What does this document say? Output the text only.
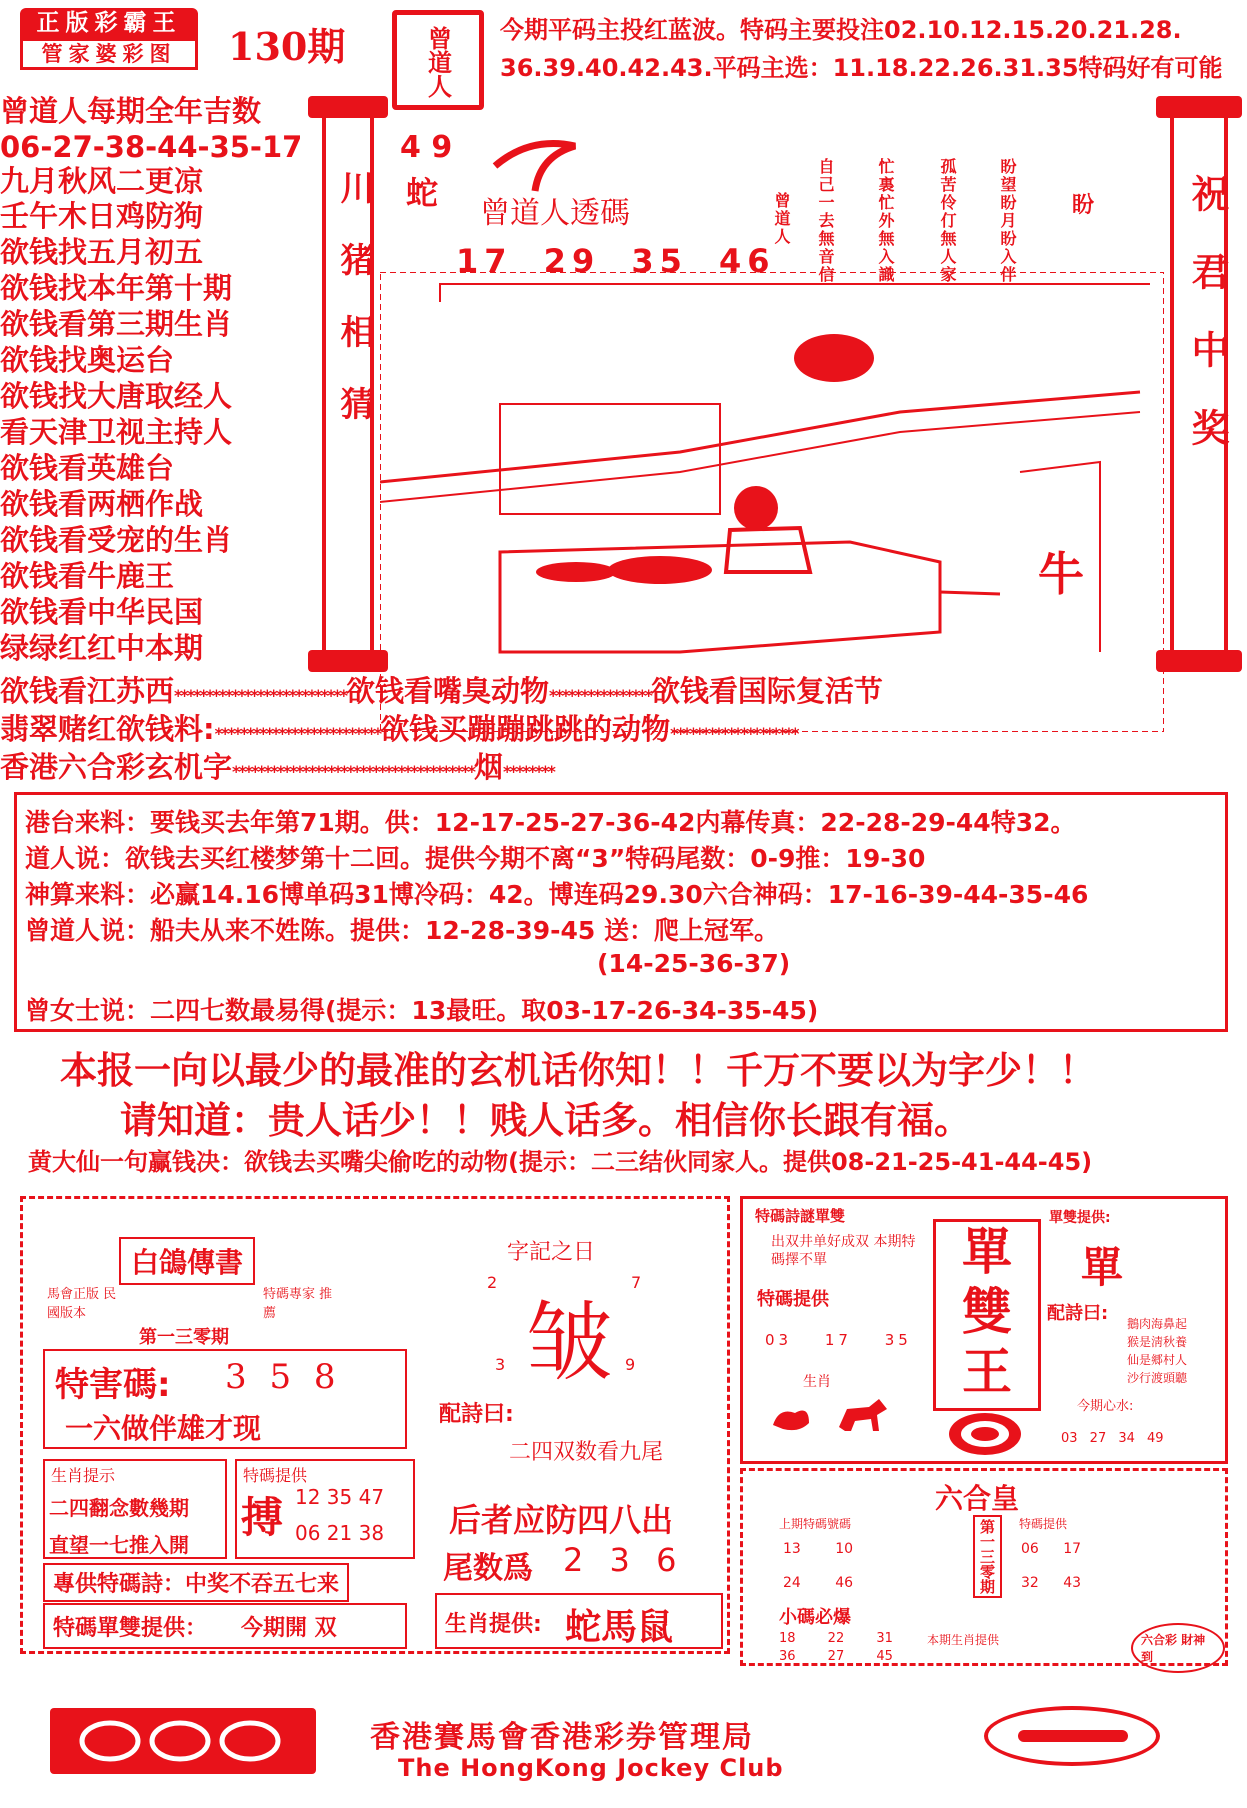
正版彩霸王
管家婆彩图	130期	曾道人 今期平码主投红蓝波。特码主要投注02.10.12.15.20.21.28.
36.39.40.42.43.平码主选：11.18.22.26.31.35特码好有可能
曾道人每期全年吉数
06-27-38-44-35-17
九月秋风二更凉
壬午木日鸡防狗
欲钱找五月初五
欲钱找本年第十期
欲钱看第三期生肖
欲钱找奥运台
欲钱找大唐取经人
看天津卫视主持人
欲钱看英雄台
欲钱看两栖作战
欲钱看受宠的生肖
欲钱看牛鹿王
欲钱看中华民国
绿绿红红中本期
川猪相猜	祝君中奖
4 9
蛇
曾道人透碼
17 29 35 46
曾道人 自己一去無音信	忙裏忙外無入識	孤苦伶仃無人家	盼望盼月盼入伴	盼
牛
欲钱看江苏西***************************欲钱看嘴臭动物****************欲钱看国际复活节
翡翠赌红欲钱料:**************************欲钱买蹦蹦跳跳的动物********************
香港六合彩玄机字**************************************烟********
港台来料：要钱买去年第71期。供：12-17-25-27-36-42内幕传真：22-28-29-44特32。
道人说：欲钱去买红楼梦第十二回。提供今期不离“3”特码尾数：0-9推：19-30
神算来料：必赢14.16博单码31博冷码：42。博连码29.30六合神码：17-16-39-44-35-46
曾道人说：船夫从来不姓陈。提供：12-28-39-45 送：爬上冠军。
(14-25-36-37)
曾女士说：二四七数最易得(提示：13最旺。取03-17-26-34-35-45)
本报一向以最少的最准的玄机话你知！！千万不要以为字少！！
请知道：贵人话少！！贱人话多。相信你长跟有福。
黄大仙一句赢钱决：欲钱去买嘴尖偷吃的动物(提示：二三结伙同家人。提供08-21-25-41-44-45)
白鴿傳書
馬會正版 民國版本
特碼專家 推薦
第一三零期
特害碼: 3 5 8
一六做伴雄才现
生肖提示
二四翻念數幾期
直望一七推入開
特碼提供
搏 12 35 47
06 21 38
專供特碼詩：中奖不吞五七来
特碼單雙提供： 今期開 双
字記之日
2	7
皱
3	9
配詩曰:
二四双数看九尾
后者应防四八出
尾数爲 2 3 6
生肖提供: 蛇馬鼠
特碼詩謎單雙
出双井单好成双 本期特碼擇不單
特碼提供
03 17 35
生肖
單
雙
王
單雙提供:
單
配詩曰: 鵝肉海鼻起
猴是淸秋養
仙是郷村人
沙行渡頭聽
今期心水:
03 27 34 49
六合皇
上期特碼號碼
13 10
24 46	第一三零期	特碼提供
06 17
32 43
小碼必爆
18 22 31
36 27 45
本期生肖提供	六合彩 財神到
香港賽馬會香港彩券管理局
The HongKong Jockey Club
